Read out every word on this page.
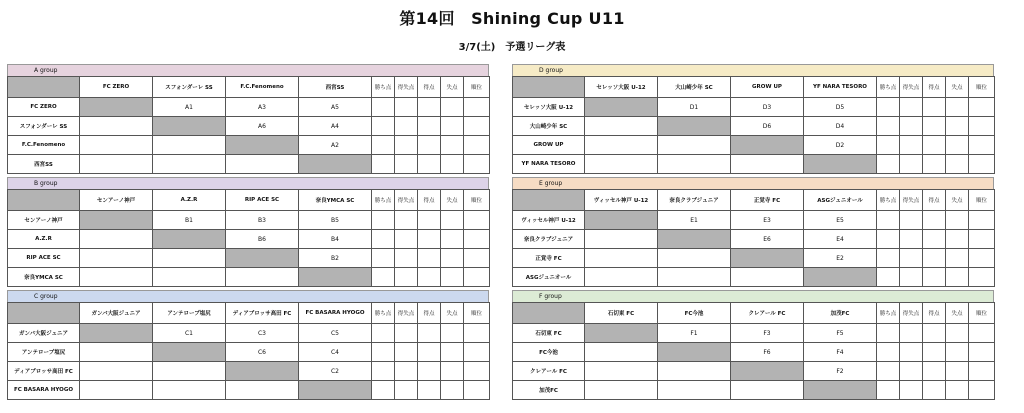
第14回　Shining Cup U11
3/7(土)　予選リーグ表
A group
	FC ZERO	スフォンダーレ SS	F.C.Fenomeno	西宮SS	勝ち点	得失点	得点	失点	順位
FC ZERO		A1	A3	A5					
スフォンダーレ SS			A6	A4					
F.C.Fenomeno				A2					
西宮SS									
D group
	セレッソ大阪 U-12	大山崎少年 SC	GROW UP	YF NARA TESORO	勝ち点	得失点	得点	失点	順位
セレッソ大阪 U-12		D1	D3	D5					
大山崎少年 SC			D6	D4					
GROW UP				D2					
YF NARA TESORO									
B group
	センアーノ神戸	A.Z.R	RIP ACE SC	奈良YMCA SC	勝ち点	得失点	得点	失点	順位
センアーノ神戸		B1	B3	B5					
A.Z.R			B6	B4					
RIP ACE SC				B2					
奈良YMCA SC									
E group
	ヴィッセル神戸 U-12	奈良クラブジュニア	正覚寺 FC	ASGジュニオール	勝ち点	得失点	得点	失点	順位
ヴィッセル神戸 U-12		E1	E3	E5					
奈良クラブジュニア			E6	E4					
正覚寺 FC				E2					
ASGジュニオール									
C group
	ガンバ大阪ジュニア	アンテロープ塩尻	ディアブロッサ高田 FC	FC BASARA HYOGO	勝ち点	得失点	得点	失点	順位
ガンバ大阪ジュニア		C1	C3	C5					
アンテロープ塩尻			C6	C4					
ディアブロッサ高田 FC				C2					
FC BASARA HYOGO									
F group
	石切東 FC	FC今池	クレアール FC	加茂FC	勝ち点	得失点	得点	失点	順位
石切東 FC		F1	F3	F5					
FC今池			F6	F4					
クレアール FC				F2					
加茂FC									
